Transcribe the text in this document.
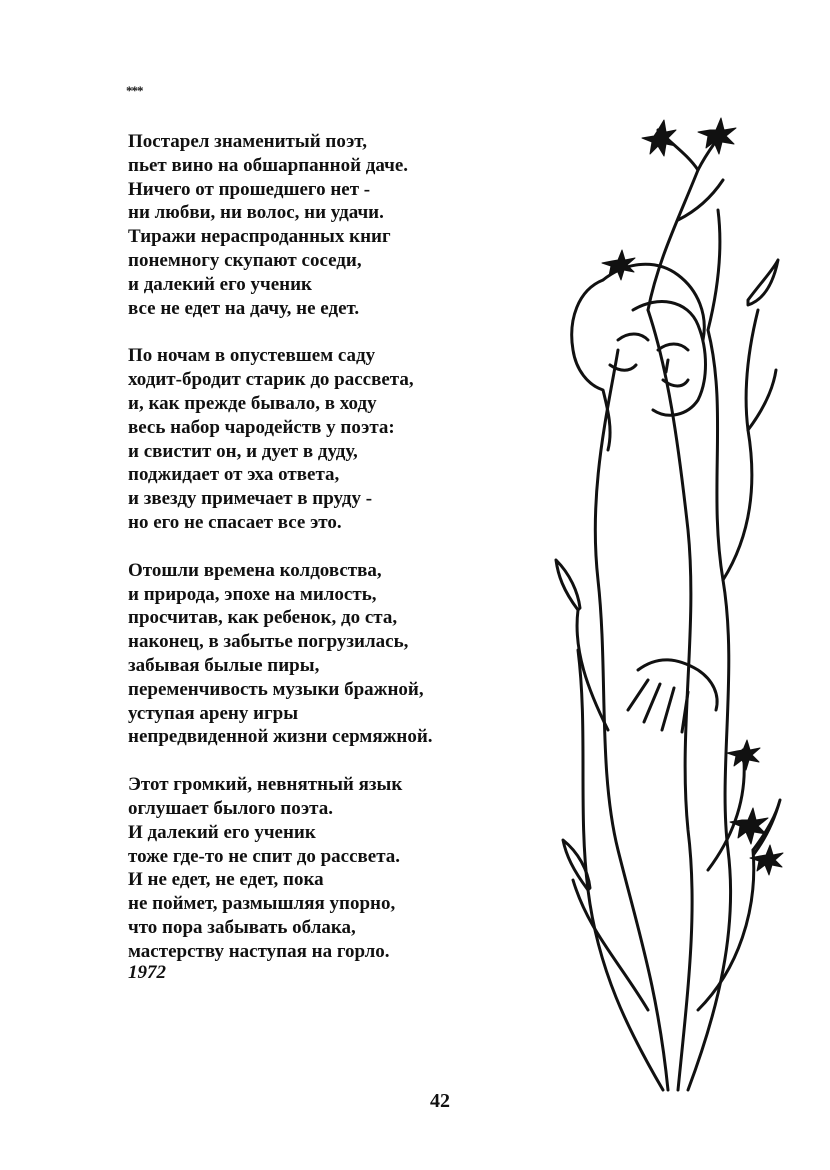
***
Постарел знаменитый поэт,
пьет вино на обшарпанной даче.
Ничего от прошедшего нет -
ни любви, ни волос, ни удачи.
Тиражи нераспроданных книг
понемногу скупают соседи,
и далекий его ученик
все не едет на дачу, не едет.
По ночам в опустевшем саду
ходит-бродит старик до рассвета,
и, как прежде бывало, в ходу
весь набор чародейств у поэта:
и свистит он, и дует в дуду,
поджидает от эха ответа,
и звезду примечает в пруду -
но его не спасает все это.
Отошли времена колдовства,
и природа, эпохе на милость,
просчитав, как ребенок, до ста,
наконец, в забытье погрузилась,
забывая былые пиры,
переменчивость музыки бражной,
уступая арену игры
непредвиденной жизни сермяжной.
Этот громкий, невнятный язык
оглушает былого поэта.
И далекий его ученик
тоже где-то не спит до рассвета.
И не едет, не едет, пока
не поймет, размышляя упорно,
что пора забывать облака,
мастерству наступая на горло.
1972
42
